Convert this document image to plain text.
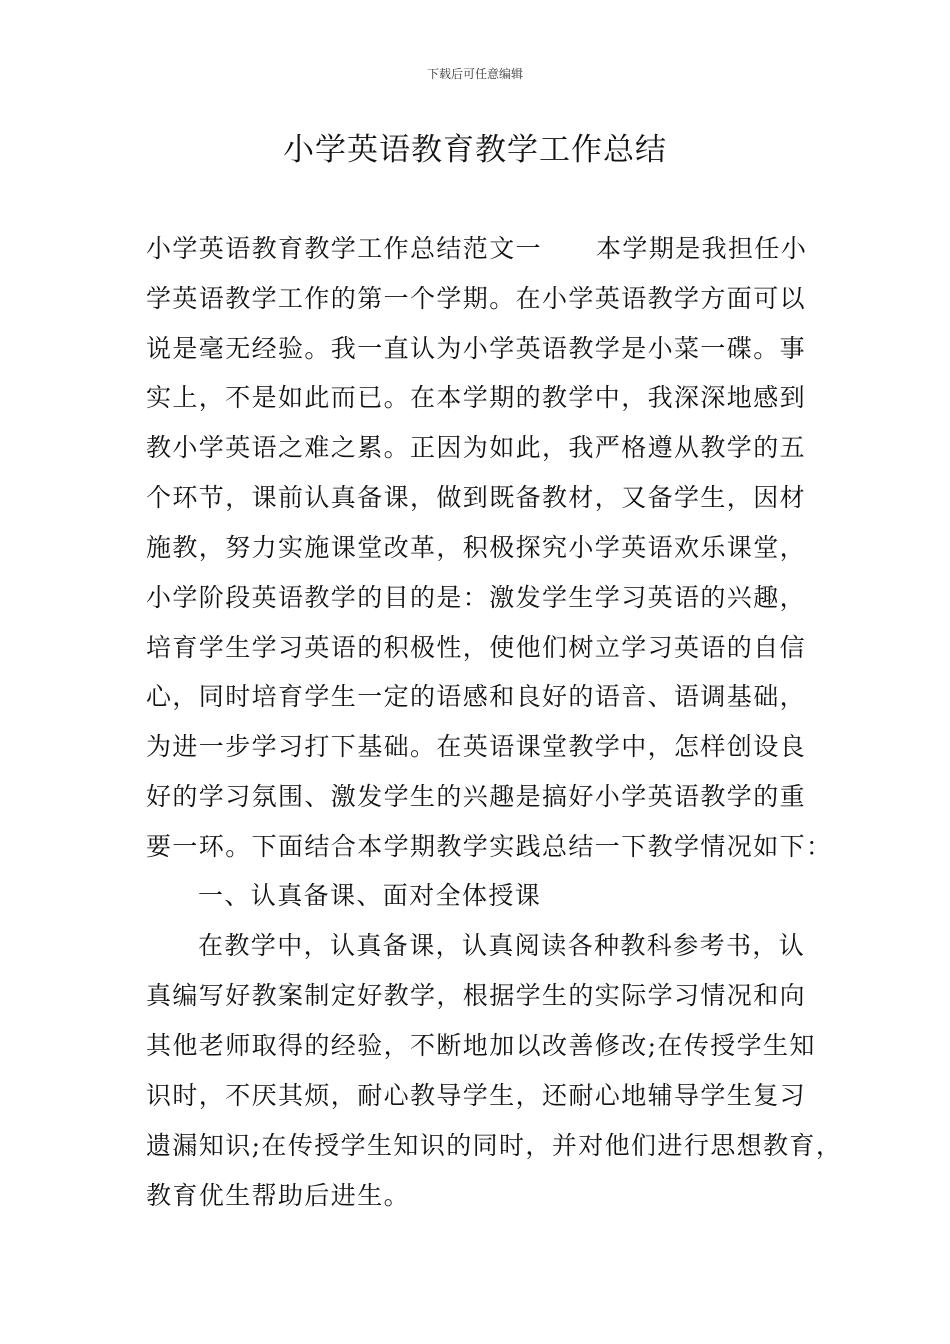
下载后可任意编辑
小学英语教育教学工作总结
小学英语教育教学工作总结范文一 本学期是我担任小
学英语教学工作的第一个学期。在小学英语教学方面可以
说是毫无经验。我一直认为小学英语教学是小菜一碟。事
实上，不是如此而已。在本学期的教学中，我深深地感到
教小学英语之难之累。正因为如此，我严格遵从教学的五
个环节，课前认真备课，做到既备教材，又备学生，因材
施教，努力实施课堂改革，积极探究小学英语欢乐课堂，
小学阶段英语教学的目的是：激发学生学习英语的兴趣，
培育学生学习英语的积极性，使他们树立学习英语的自信
心，同时培育学生一定的语感和良好的语音、语调基础，
为进一步学习打下基础。在英语课堂教学中，怎样创设良
好的学习氛围、激发学生的兴趣是搞好小学英语教学的重
要一环。下面结合本学期教学实践总结一下教学情况如下：
一、认真备课、面对全体授课
在教学中，认真备课，认真阅读各种教科参考书，认
真编写好教案制定好教学，根据学生的实际学习情况和向
其他老师取得的经验，不断地加以改善修改;在传授学生知
识时，不厌其烦，耐心教导学生，还耐心地辅导学生复习
遗漏知识;在传授学生知识的同时，并对他们进行思想教育，
教育优生帮助后进生。
